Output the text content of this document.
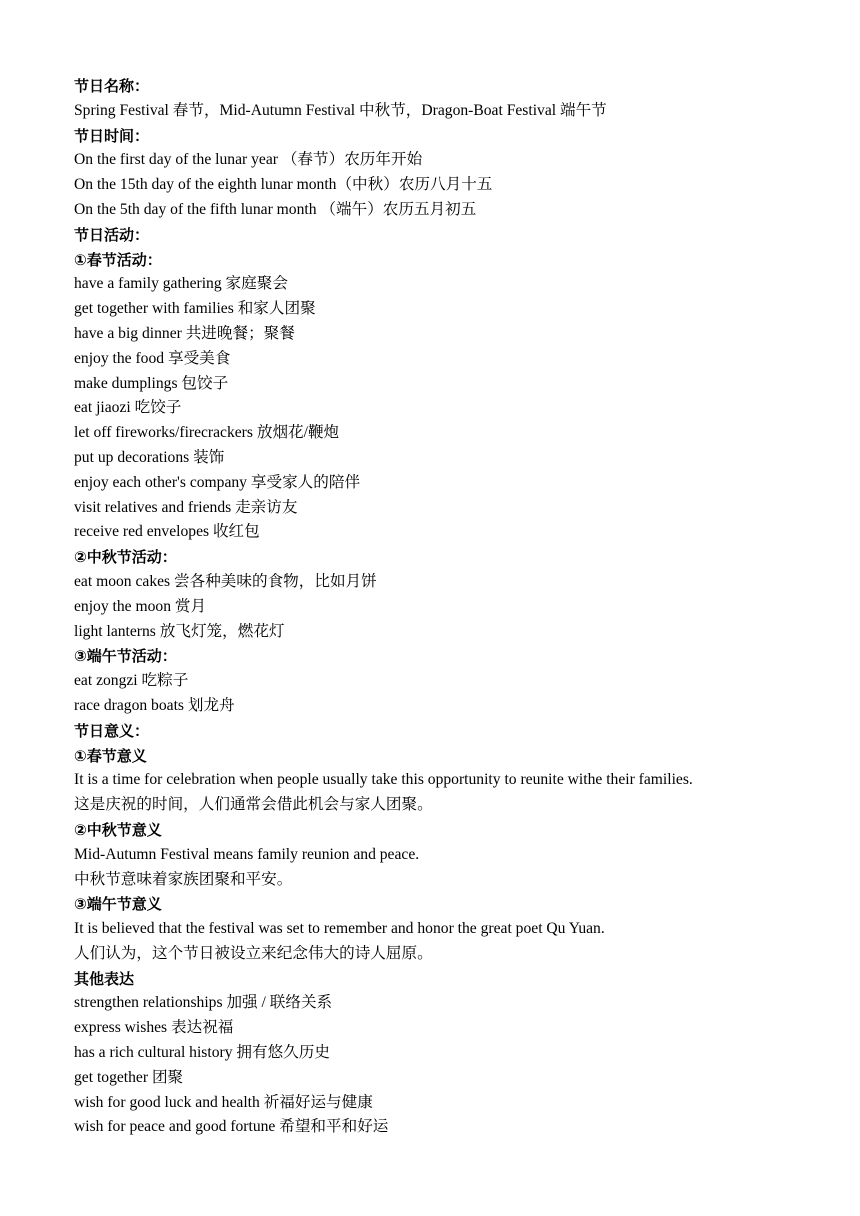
节日名称：
Spring Festival 春节，Mid-Autumn Festival 中秋节，Dragon-Boat Festival 端午节
节日时间：
On the first day of the lunar year （春节）农历年开始
On the 15th day of the eighth lunar month（中秋）农历八月十五
On the 5th day of the fifth lunar month （端午）农历五月初五
节日活动：
①春节活动：
have a family gathering 家庭聚会
get together with families 和家人团聚
have a big dinner 共进晚餐；聚餐
enjoy the food 享受美食
make dumplings 包饺子
eat jiaozi 吃饺子
let off fireworks/firecrackers 放烟花/鞭炮
put up decorations 装饰
enjoy each other's company 享受家人的陪伴
visit relatives and friends 走亲访友
receive red envelopes 收红包
②中秋节活动：
eat moon cakes 尝各种美味的食物，比如月饼
enjoy the moon 赏月
light lanterns 放飞灯笼，燃花灯
③端午节活动：
eat zongzi 吃粽子
race dragon boats 划龙舟
节日意义：
①春节意义
It is a time for celebration when people usually take this opportunity to reunite withe their families.
这是庆祝的时间，人们通常会借此机会与家人团聚。
②中秋节意义
Mid-Autumn Festival means family reunion and peace.
中秋节意味着家族团聚和平安。
③端午节意义
It is believed that the festival was set to remember and honor the great poet Qu Yuan.
人们认为，这个节日被设立来纪念伟大的诗人屈原。
其他表达
strengthen relationships 加强 / 联络关系
express wishes 表达祝福
has a rich cultural history 拥有悠久历史
get together 团聚
wish for good luck and health 祈福好运与健康
wish for peace and good fortune 希望和平和好运
